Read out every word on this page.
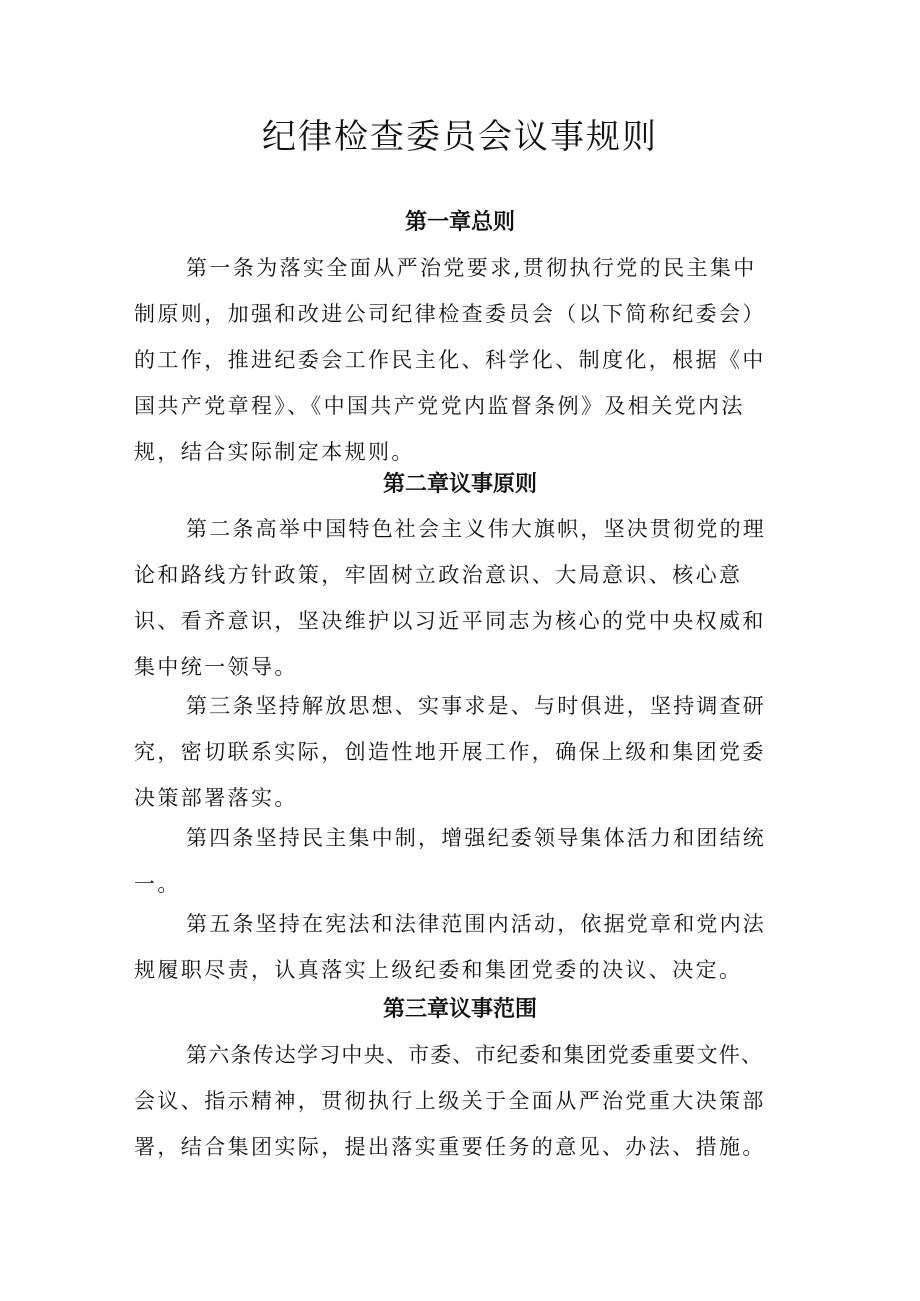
纪律检查委员会议事规则
第一章总则
第一条为落实全面从严治党要求,贯彻执行党的民主集中
制原则，加强和改进公司纪律检查委员会（以下简称纪委会）
的工作，推进纪委会工作民主化、科学化、制度化，根据《中
国共产党章程》、《中国共产党党内监督条例》及相关党内法
规，结合实际制定本规则。
第二章议事原则
第二条高举中国特色社会主义伟大旗帜，坚决贯彻党的理
论和路线方针政策，牢固树立政治意识、大局意识、核心意
识、看齐意识，坚决维护以习近平同志为核心的党中央权威和
集中统一领导。
第三条坚持解放思想、实事求是、与时俱进，坚持调查研
究，密切联系实际，创造性地开展工作，确保上级和集团党委
决策部署落实。
第四条坚持民主集中制，增强纪委领导集体活力和团结统
一。
第五条坚持在宪法和法律范围内活动，依据党章和党内法
规履职尽责，认真落实上级纪委和集团党委的决议、决定。
第三章议事范围
第六条传达学习中央、市委、市纪委和集团党委重要文件、
会议、指示精神，贯彻执行上级关于全面从严治党重大决策部
署，结合集团实际，提出落实重要任务的意见、办法、措施。
